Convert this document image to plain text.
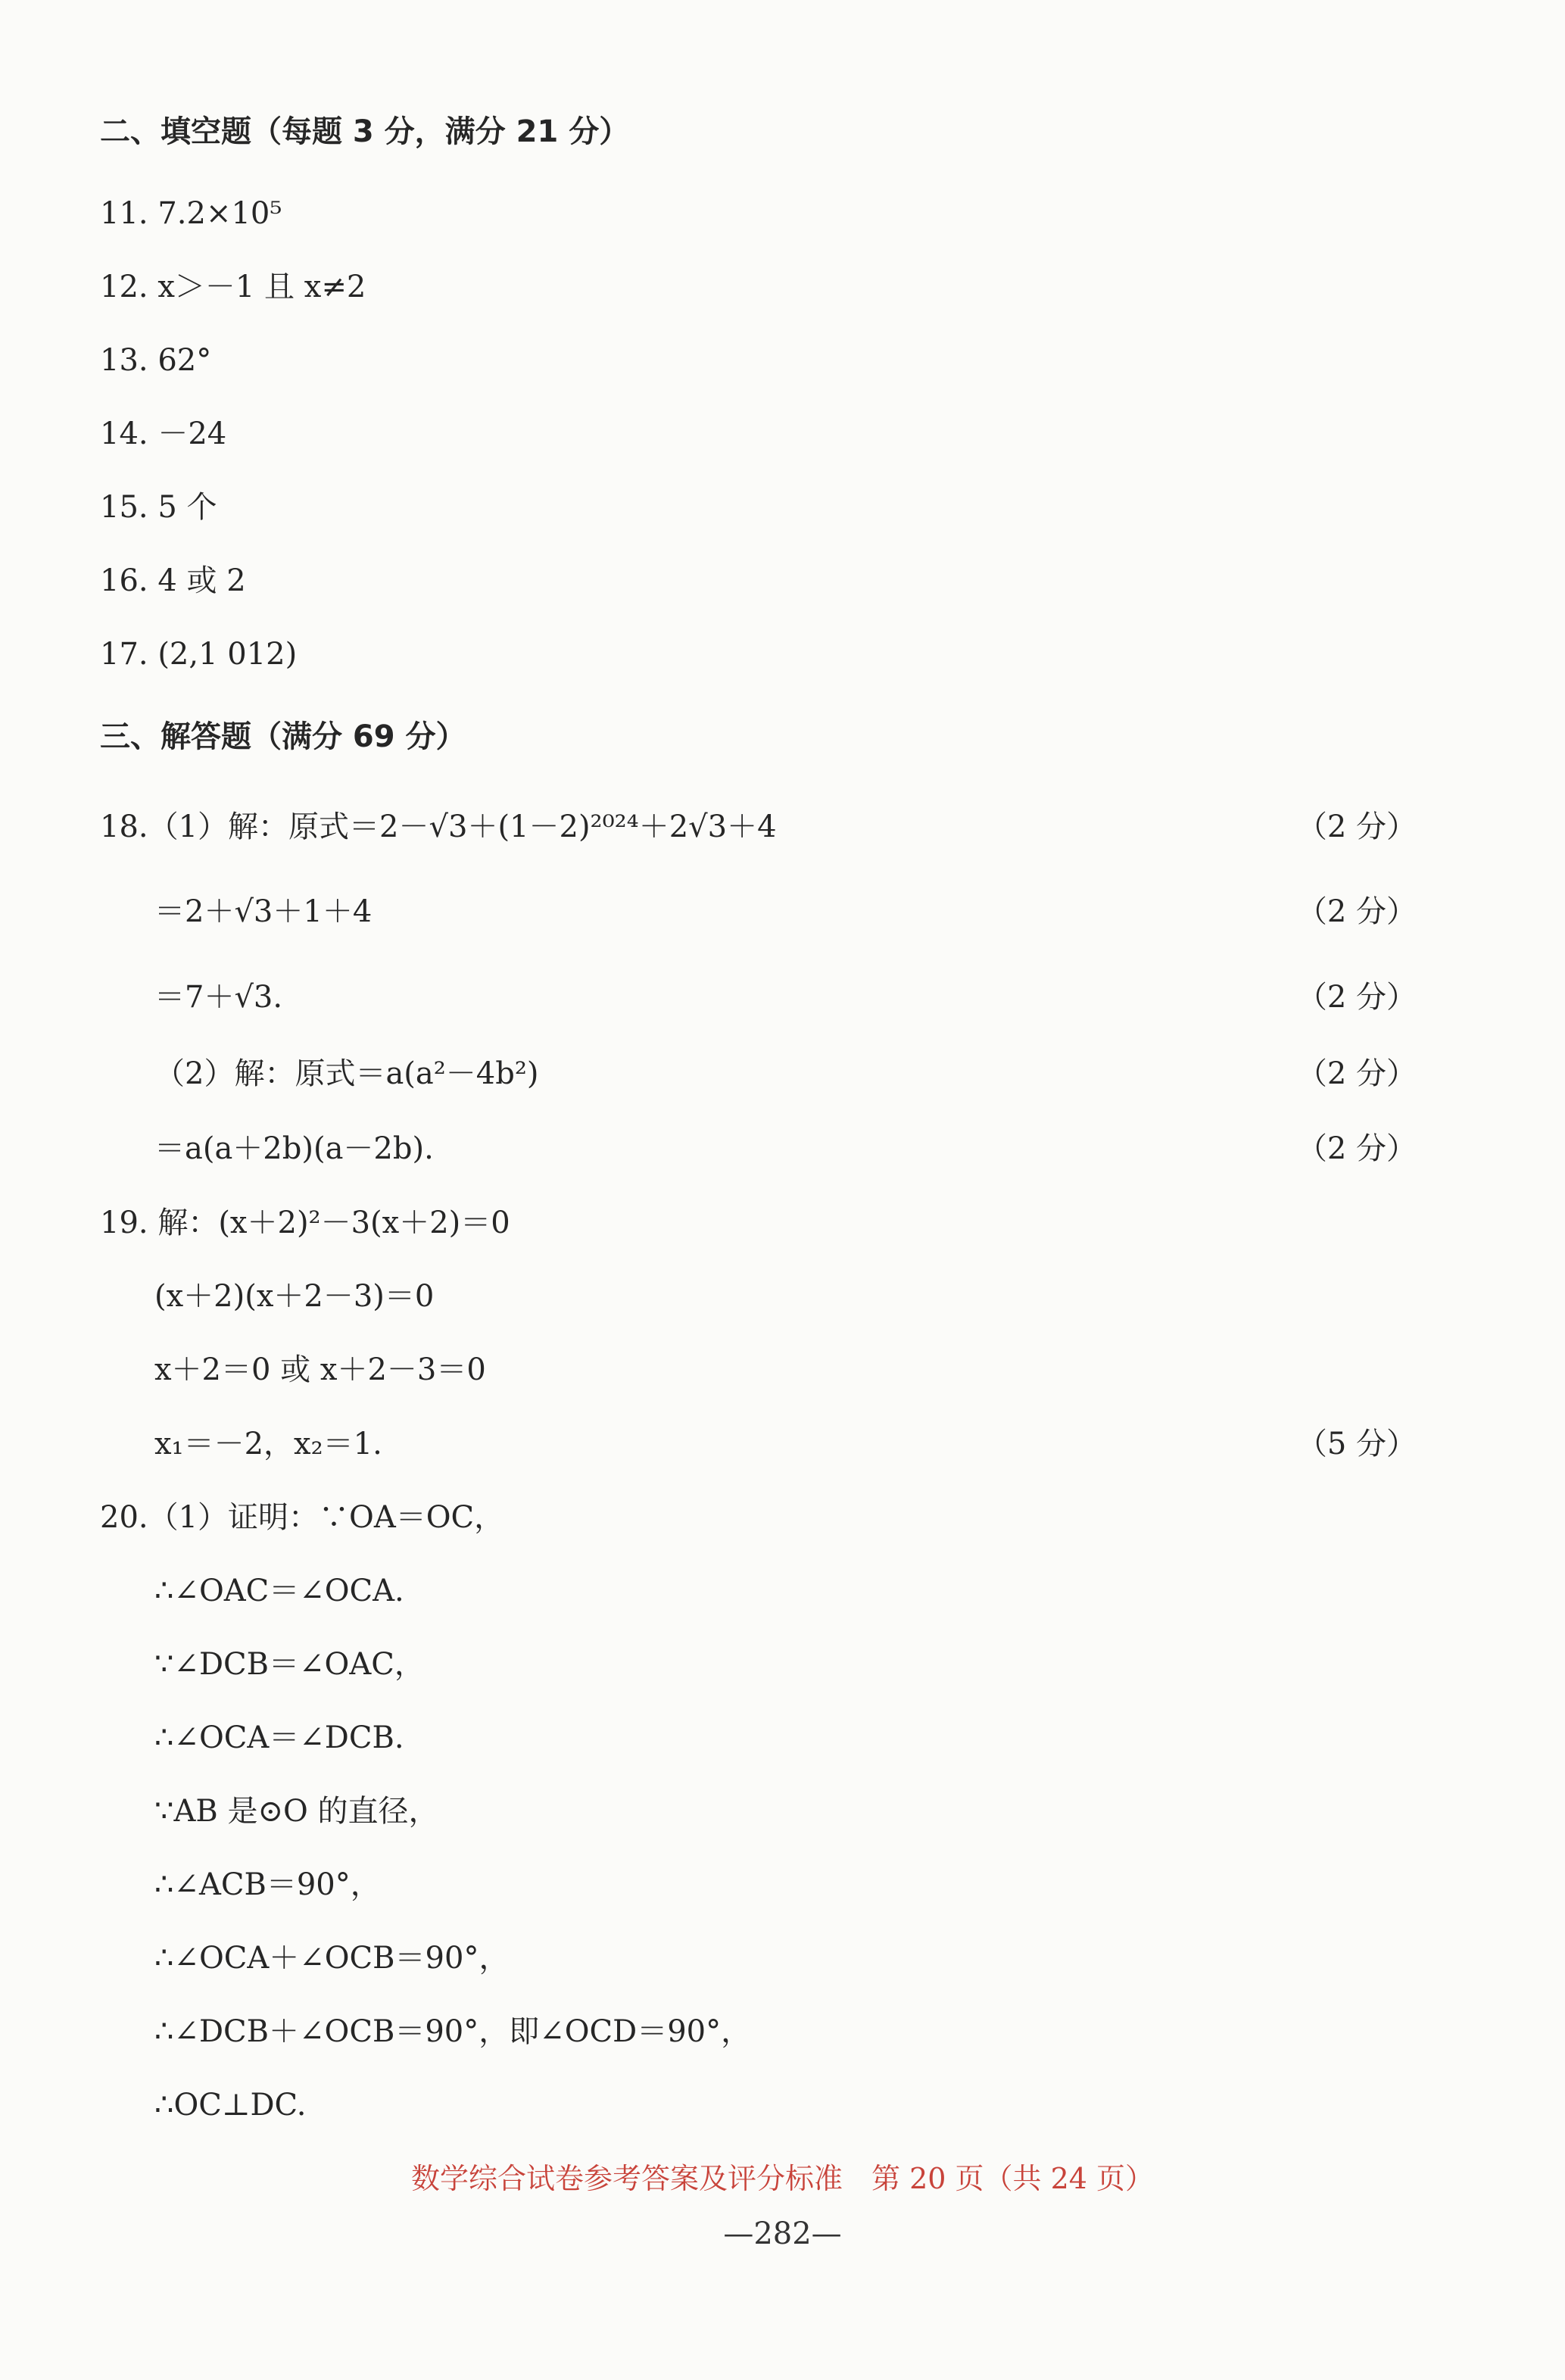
二、填空题（每题 3 分，满分 21 分）
11. 7.2×10⁵
12. x＞－1 且 x≠2
13. 62°
14. －24
15. 5 个
16. 4 或 2
17. (2,1 012)
三、解答题（满分 69 分）
18.（1）解：原式＝2－√3＋(1－2)²⁰²⁴＋2√3＋4	（2 分）
＝2＋√3＋1＋4	（2 分）
＝7＋√3.	（2 分）
（2）解：原式＝a(a²－4b²)	（2 分）
＝a(a＋2b)(a－2b).	（2 分）
19. 解：(x＋2)²－3(x＋2)＝0
(x＋2)(x＋2－3)＝0
x＋2＝0 或 x＋2－3＝0
x₁＝－2，x₂＝1.	（5 分）
20.（1）证明：∵OA＝OC，
∴∠OAC＝∠OCA.
∵∠DCB＝∠OAC，
∴∠OCA＝∠DCB.
∵AB 是⊙O 的直径，
∴∠ACB＝90°，
∴∠OCA＋∠OCB＝90°，
∴∠DCB＋∠OCB＝90°，即∠OCD＝90°，
∴OC⊥DC.
数学综合试卷参考答案及评分标准　第 20 页（共 24 页）
—282—
